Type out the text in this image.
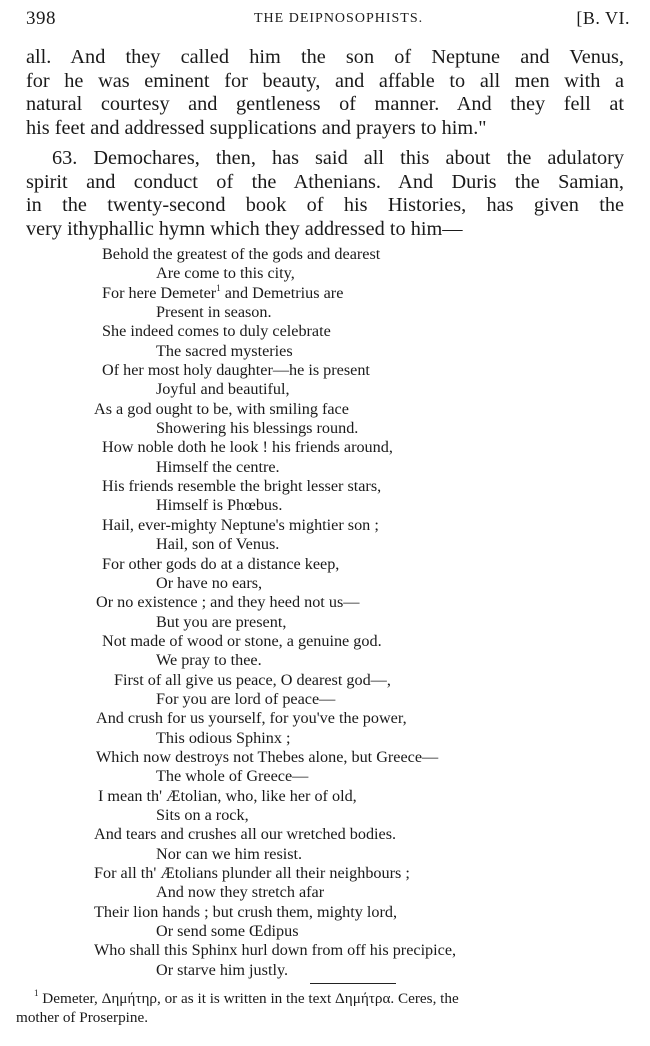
398	THE DEIPNOSOPHISTS.	[B. VI.
all. And they called him the son of Neptune and Venus,
for he was eminent for beauty, and affable to all men with a
natural courtesy and gentleness of manner. And they fell at
his feet and addressed supplications and prayers to him."
63. Demochares, then, has said all this about the adulatory
spirit and conduct of the Athenians. And Duris the Samian,
in the twenty-second book of his Histories, has given the
very ithyphallic hymn which they addressed to him—
Behold the greatest of the gods and dearest
Are come to this city,
For here Demeter$^1$ and Demetrius are
Present in season.
She indeed comes to duly celebrate
The sacred mysteries
Of her most holy daughter—he is present
Joyful and beautiful,
As a god ought to be, with smiling face
Showering his blessings round.
How noble doth he look ! his friends around,
Himself the centre.
His friends resemble the bright lesser stars,
Himself is Phœbus.
Hail, ever-mighty Neptune's mightier son ;
Hail, son of Venus.
For other gods do at a distance keep,
Or have no ears,
Or no existence ; and they heed not us—
But you are present,
Not made of wood or stone, a genuine god.
We pray to thee.
First of all give us peace, O dearest god—,
For you are lord of peace—
And crush for us yourself, for you've the power,
This odious Sphinx ;
Which now destroys not Thebes alone, but Greece—
The whole of Greece—
I mean th' Ætolian, who, like her of old,
Sits on a rock,
And tears and crushes all our wretched bodies.
Nor can we him resist.
For all th' Ætolians plunder all their neighbours ;
And now they stretch afar
Their lion hands ; but crush them, mighty lord,
Or send some Œdipus
Who shall this Sphinx hurl down from off his precipice,
Or starve him justly.
$^1$ Demeter, Δημήτηρ, or as it is written in the text Δημήτρα. Ceres, the
mother of Proserpine.
